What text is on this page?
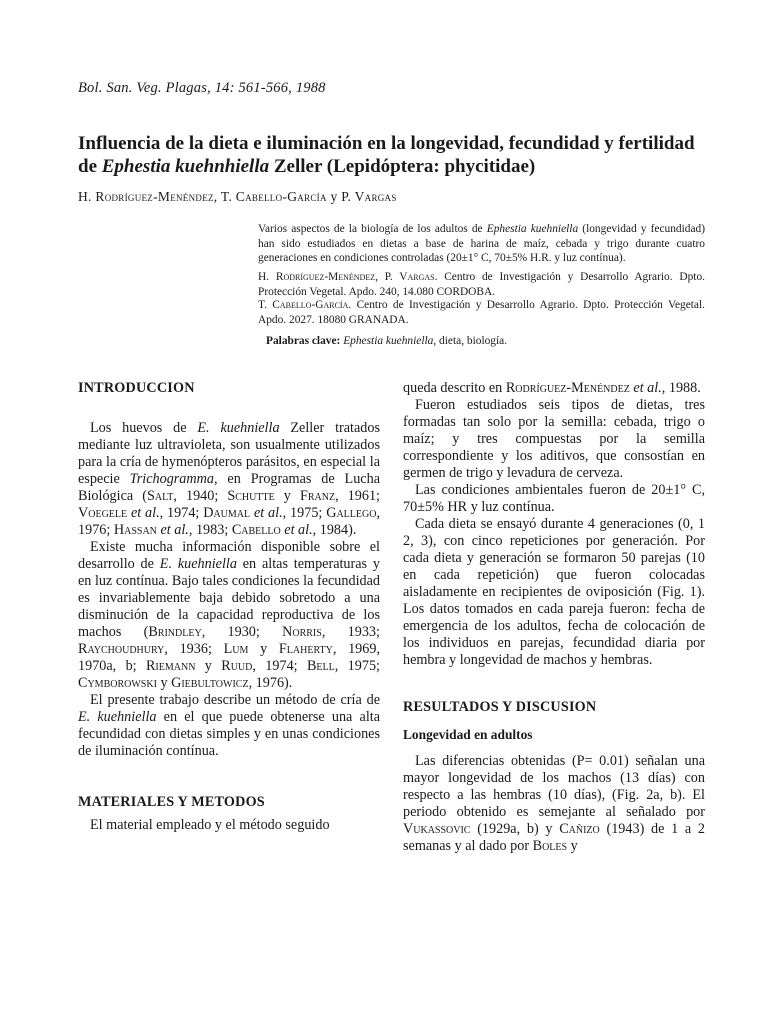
Bol. San. Veg. Plagas, 14: 561-566, 1988
Influencia de la dieta e iluminación en la longevidad, fecundidad y fertilidad de Ephestia kuehnhiella Zeller (Lepidóptera: phycitidae)
H. Rodríguez-Menéndez, T. Cabello-García y P. Vargas

Varios aspectos de la biología de los adultos de Ephestia kuehniella (longevidad y fecundidad) han sido estudiados en dietas a base de harina de maíz, cebada y trigo durante cuatro generaciones en condiciones controladas (20±1° C, 70±5% H.R. y luz contínua).

H. Rodríguez-Menéndez, P. Vargas. Centro de Investigación y Desarrollo Agrario. Dpto. Protección Vegetal. Apdo. 240, 14.080 CORDOBA.

T. Cabello-García. Centro de Investigación y Desarrollo Agrario. Dpto. Protección Vegetal. Apdo. 2027. 18080 GRANADA.

Palabras clave: Ephestia kuehniella, dieta, biología.
INTRODUCCION

Los huevos de E. kuehniella Zeller tratados mediante luz ultravioleta, son usualmente utilizados para la cría de hymenópteros parásitos, en especial la especie Trichogramma, en Programas de Lucha Biológica (Salt, 1940; Schutte y Franz, 1961; Voegele et al., 1974; Daumal et al., 1975; Gallego, 1976; Hassan et al., 1983; Cabello et al., 1984).

Existe mucha información disponible sobre el desarrollo de E. kuehniella en altas temperaturas y en luz contínua. Bajo tales condiciones la fecundidad es invariablemente baja debido sobretodo a una disminución de la capacidad reproductiva de los machos (Brindley, 1930; Norris, 1933; Raychoudhury, 1936; Lum y Flaherty, 1969, 1970a, b; Riemann y Ruud, 1974; Bell, 1975; Cymborowski y Giebultowicz, 1976).

El presente trabajo describe un método de cría de E. kuehniella en el que puede obtenerse una alta fecundidad con dietas simples y en unas condiciones de iluminación contínua.

MATERIALES Y METODOS

El material empleado y el método seguido

queda descrito en Rodríguez-Menéndez et al., 1988.

Fueron estudiados seis tipos de dietas, tres formadas tan solo por la semilla: cebada, trigo o maíz; y tres compuestas por la semilla correspondiente y los aditivos, que consostían en germen de trigo y levadura de cerveza.

Las condiciones ambientales fueron de 20±1° C, 70±5% HR y luz contínua.

Cada dieta se ensayó durante 4 generaciones (0, 1 2, 3), con cinco repeticiones por generación. Por cada dieta y generación se formaron 50 parejas (10 en cada repetición) que fueron colocadas aisladamente en recipientes de oviposición (Fig. 1). Los datos tomados en cada pareja fueron: fecha de emergencia de los adultos, fecha de colocación de los individuos en parejas, fecundidad diaria por hembra y longevidad de machos y hembras.

RESULTADOS Y DISCUSION
Longevidad en adultos

Las diferencias obtenidas (P= 0.01) señalan una mayor longevidad de los machos (13 días) con respecto a las hembras (10 días), (Fig. 2a, b). El periodo obtenido es semejante al señalado por Vukassovic (1929a, b) y Cañizo (1943) de 1 a 2 semanas y al dado por Boles y
